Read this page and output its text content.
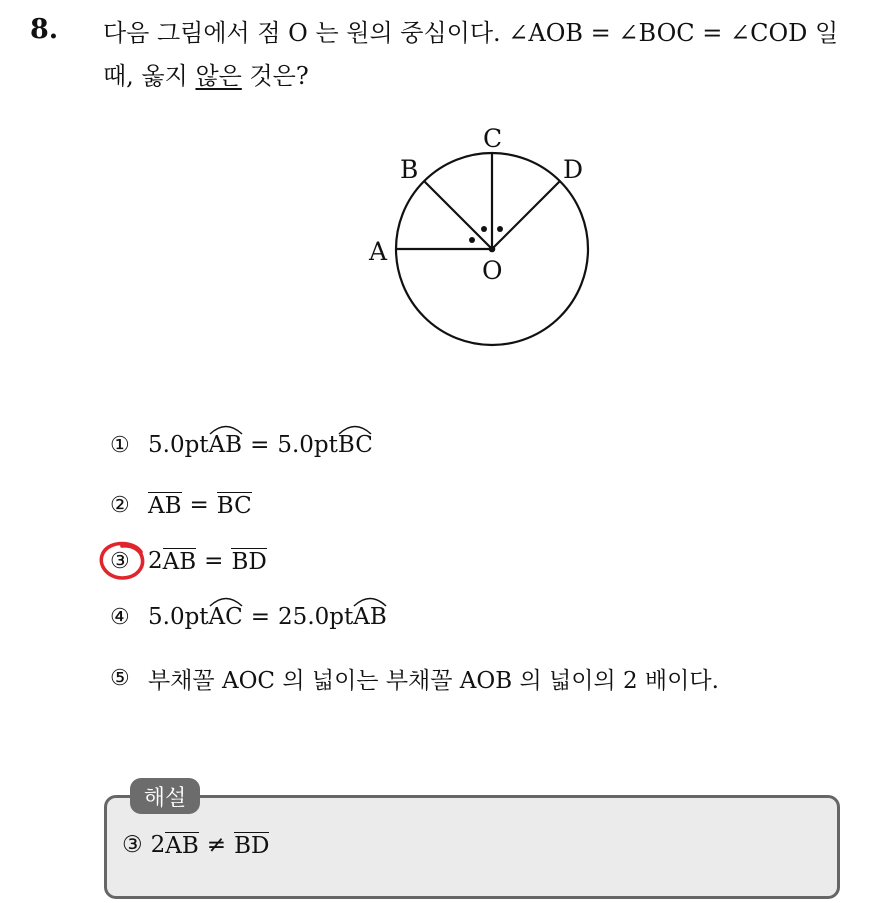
8. 다음 그림에서 점 O 는 원의 중심이다. ∠AOB = ∠BOC = ∠COD 일

때, 옳지 않은 것은?

A
B
C
D
O
① 5.0pt AB = 5.0pt BC
② AB = BC
③ 2 AB = BD
④ 5.0pt AC = 25.0pt AB
⑤ 부채꼴 AOC 의 넓이는 부채꼴 AOB 의 넓이의 2 배이다.
해설
③ 2 AB ≠ BD
